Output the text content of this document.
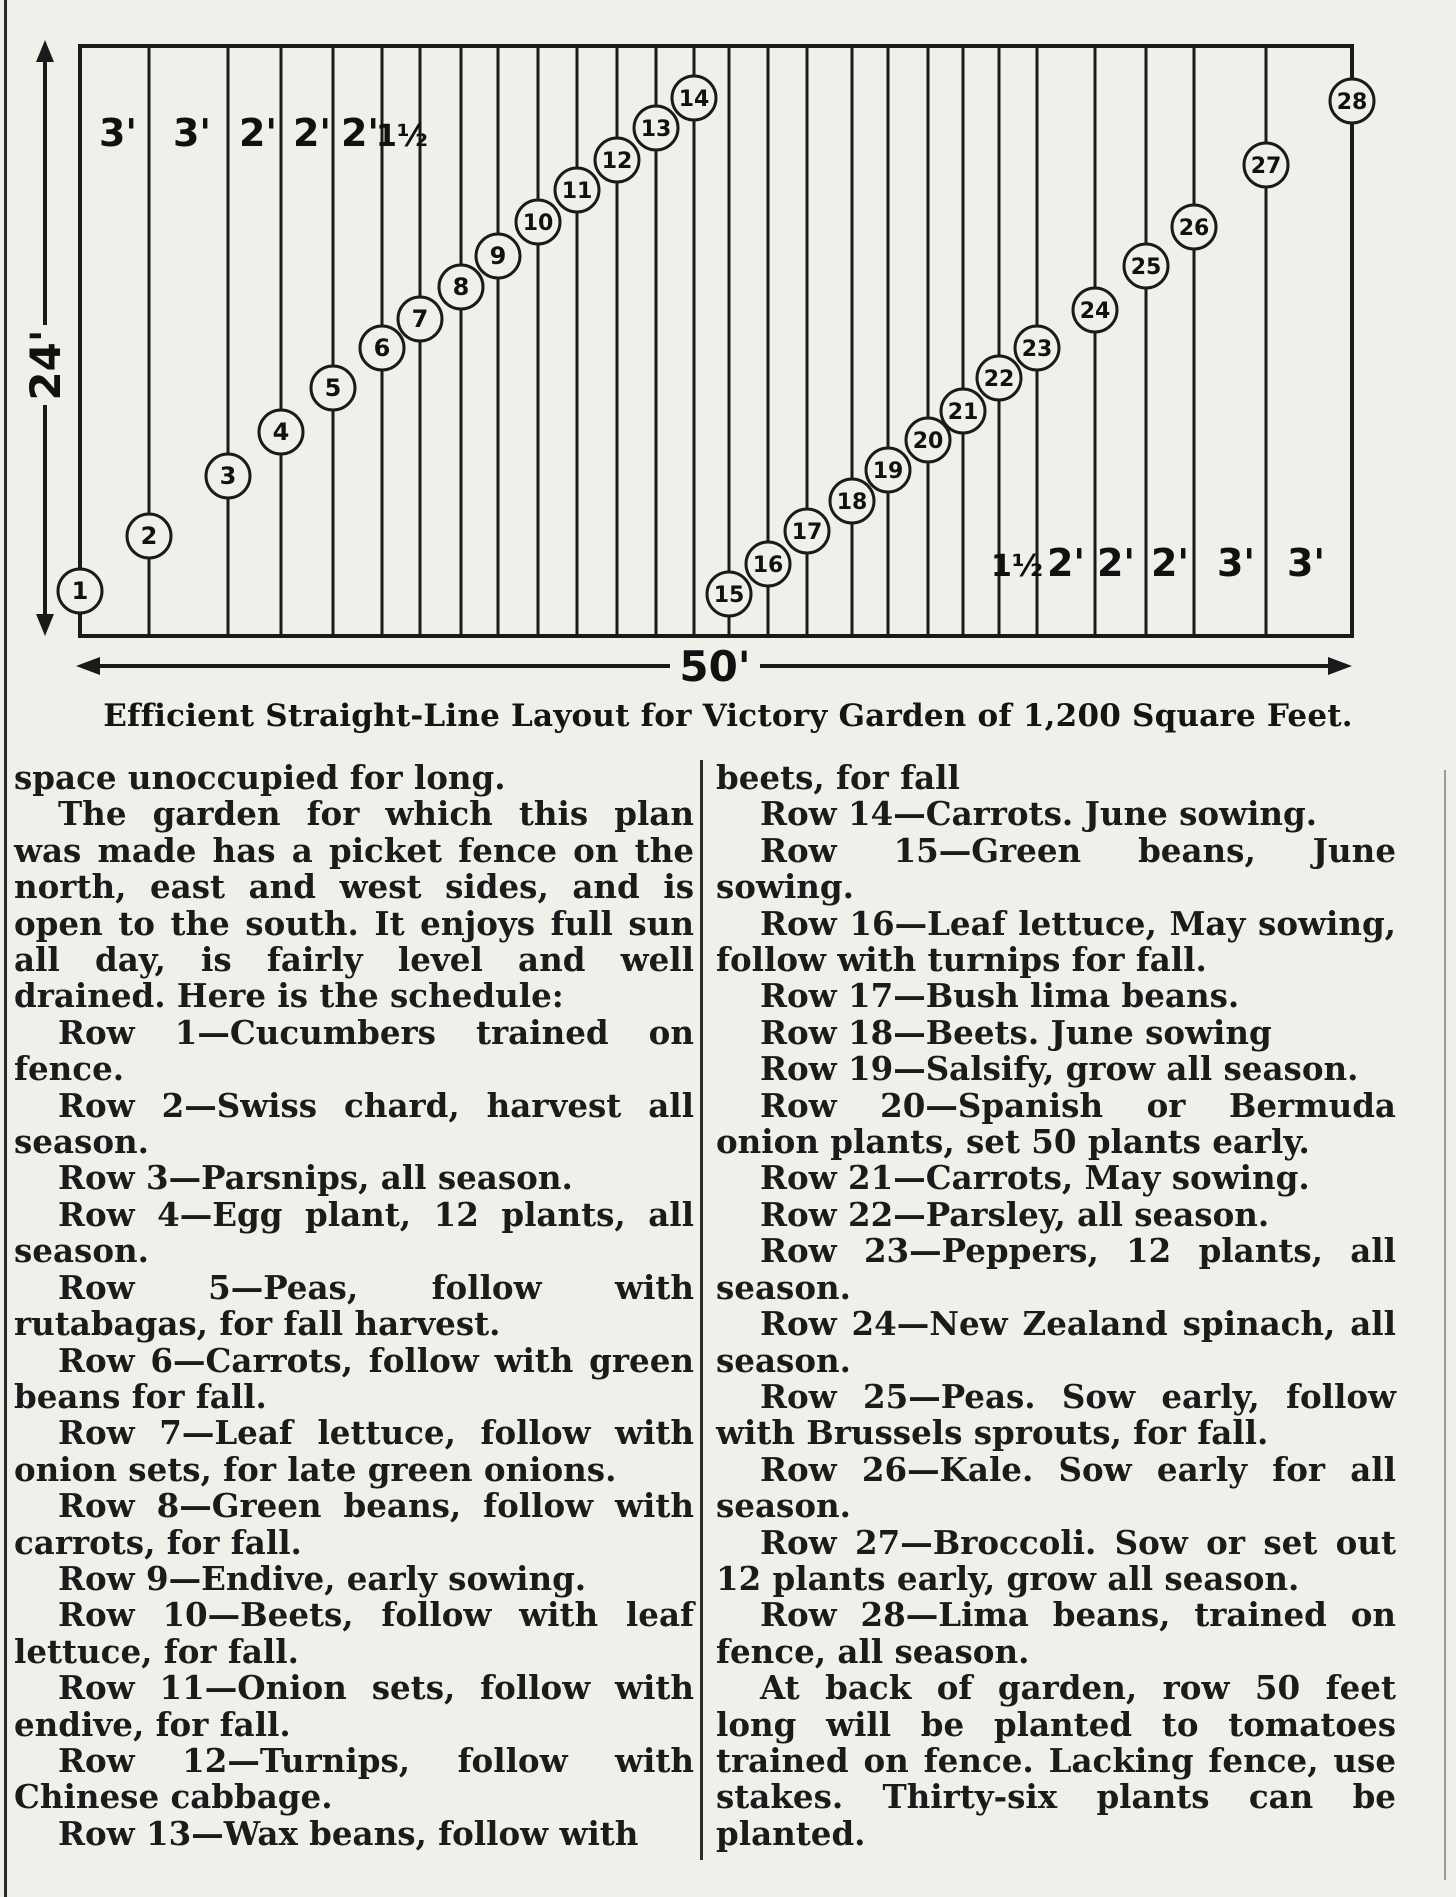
1
2
3
4
5
6
7
8
9
10
11
12
13
14
15
16
17
18
19
20
21
22
23
24
25
26
27
28
3' 3' 2' 2' 2'
1½
1½ 2' 2' 2' 3' 3'
24'
50'
Efficient Straight-Line Layout for Victory Garden of 1,200 Square Feet.

space unoccupied for long.

The garden for which this plan was made has a picket fence on the north, east and west sides, and is open to the south. It enjoys full sun all day, is fairly level and well drained. Here is the schedule:

Row 1—Cucumbers trained on fence.

Row 2—Swiss chard, harvest all season.

Row 3—Parsnips, all season.

Row 4—Egg plant, 12 plants, all season.

Row 5—Peas, follow with rutabagas, for fall harvest.

Row 6—Carrots, follow with green beans for fall.

Row 7—Leaf lettuce, follow with onion sets, for late green onions.

Row 8—Green beans, follow with carrots, for fall.

Row 9—Endive, early sowing.

Row 10—Beets, follow with leaf lettuce, for fall.

Row 11—Onion sets, follow with endive, for fall.

Row 12—Turnips, follow with Chinese cabbage.

Row 13—Wax beans, follow with

beets, for fall

Row 14—Carrots. June sowing.

Row 15—Green beans, June sowing.

Row 16—Leaf lettuce, May sowing, follow with turnips for fall.

Row 17—Bush lima beans.

Row 18—Beets. June sowing

Row 19—Salsify, grow all season.

Row 20—Spanish or Bermuda onion plants, set 50 plants early.

Row 21—Carrots, May sowing.

Row 22—Parsley, all season.

Row 23—Peppers, 12 plants, all season.

Row 24—New Zealand spinach, all season.

Row 25—Peas. Sow early, follow with Brussels sprouts, for fall.

Row 26—Kale. Sow early for all season.

Row 27—Broccoli. Sow or set out 12 plants early, grow all season.

Row 28—Lima beans, trained on fence, all season.

At back of garden, row 50 feet long will be planted to tomatoes trained on fence. Lacking fence, use stakes. Thirty-six plants can be planted.
